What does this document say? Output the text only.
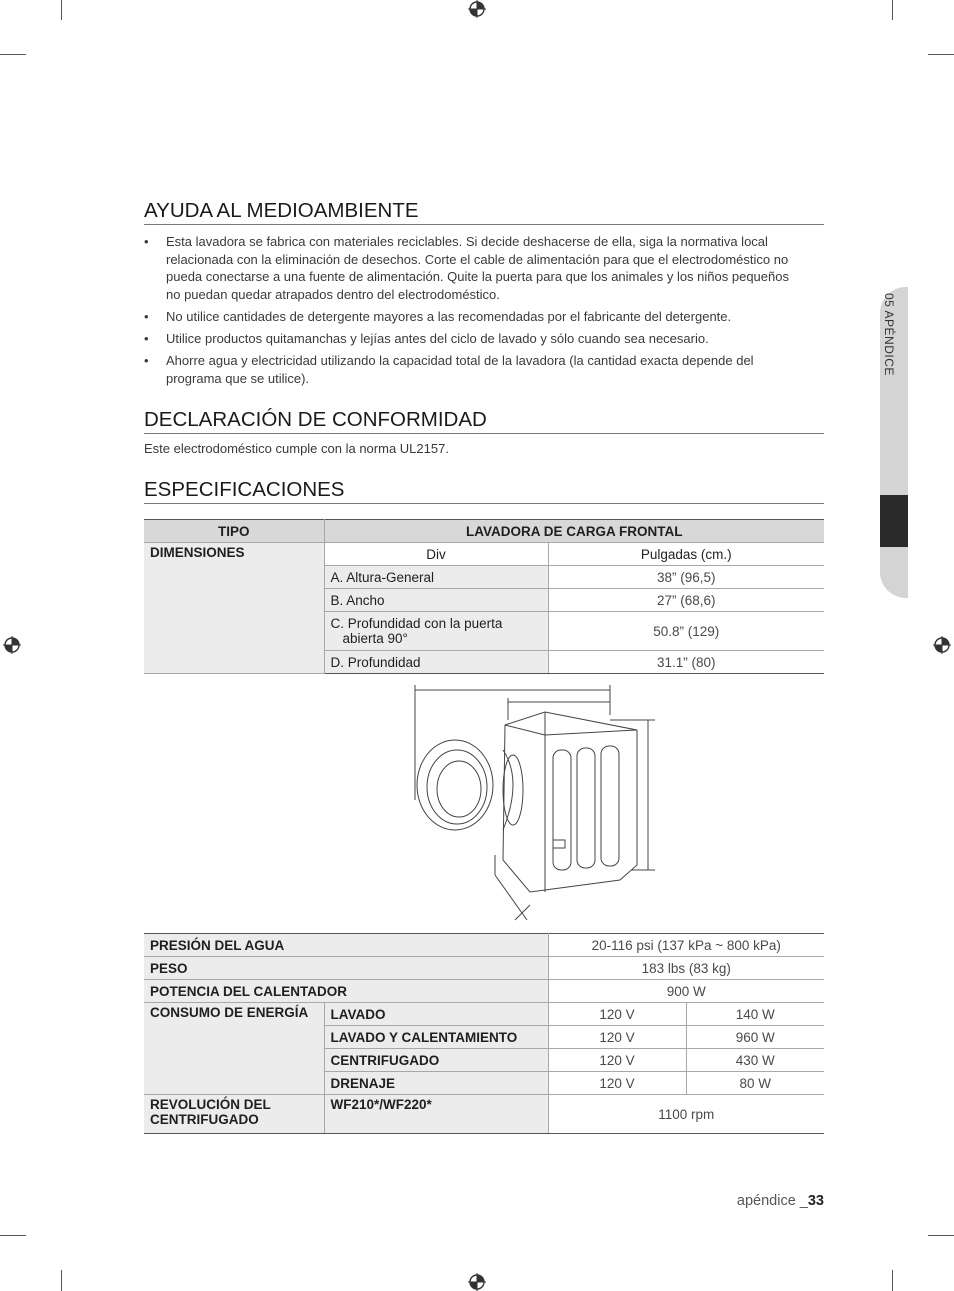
05 APÉNDICE
AYUDA AL MEDIOAMBIENTE
• Esta lavadora se fabrica con materiales reciclables. Si decide deshacerse de ella, siga la normativa local relacionada con la eliminación de desechos. Corte el cable de alimentación para que el electrodoméstico no pueda conectarse a una fuente de alimentación. Quite la puerta para que los animales y los niños pequeños no puedan quedar atrapados dentro del electrodoméstico.
• No utilice cantidades de detergente mayores a las recomendadas por el fabricante del detergente.
• Utilice productos quitamanchas y lejías antes del ciclo de lavado y sólo cuando sea necesario.
• Ahorre agua y electricidad utilizando la capacidad total de la lavadora (la cantidad exacta depende del programa que se utilice).
DECLARACIÓN DE CONFORMIDAD

Este electrodoméstico cumple con la norma UL2157.

ESPECIFICACIONES
TIPO	LAVADORA DE CARGA FRONTAL	
DIMENSIONES	Div	Pulgadas (cm.)
	A. Altura-General	38” (96,5)
	B. Ancho	27” (68,6)
	C. Profundidad con la puerta abierta 90°	50.8” (129)
	D. Profundidad	31.1” (80)
PRESIÓN DEL AGUA		20-116 psi (137 kPa ~ 800 kPa)	
PESO		183 lbs (83 kg)	
POTENCIA DEL CALENTADOR		900 W	
CONSUMO DE ENERGÍA	LAVADO	120 V	140 W
	LAVADO Y CALENTAMIENTO	120 V	960 W
	CENTRIFUGADO	120 V	430 W
	DRENAJE	120 V	80 W
REVOLUCIÓN DEL CENTRIFUGADO	WF210*/WF220*	1100 rpm	
apéndice _33
